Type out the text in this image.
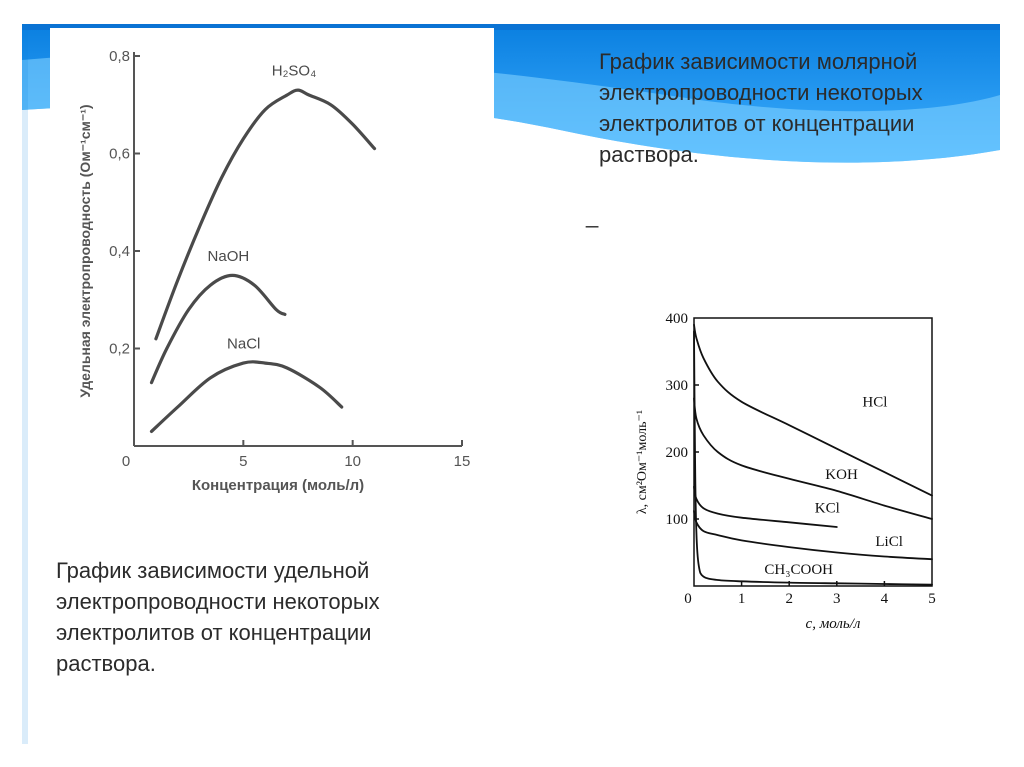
График зависимости молярной электропроводности некоторых электролитов от концентрации раствора.
_
0	5	10	15
0,2
0,4
0,6
0,8
Концентрация (моль/л)
Удельная электропроводность (Ом⁻¹см⁻¹)
H₂SO₄
NaOH
NaCl
0	1	2	3	4	5
100
200
300
400
c, моль/л
λ, см²Ом⁻¹моль⁻¹
HCl
KOH
KCl
LiCl
CH₃COOH
График зависимости удельной электропроводности некоторых электролитов от концентрации раствора.
